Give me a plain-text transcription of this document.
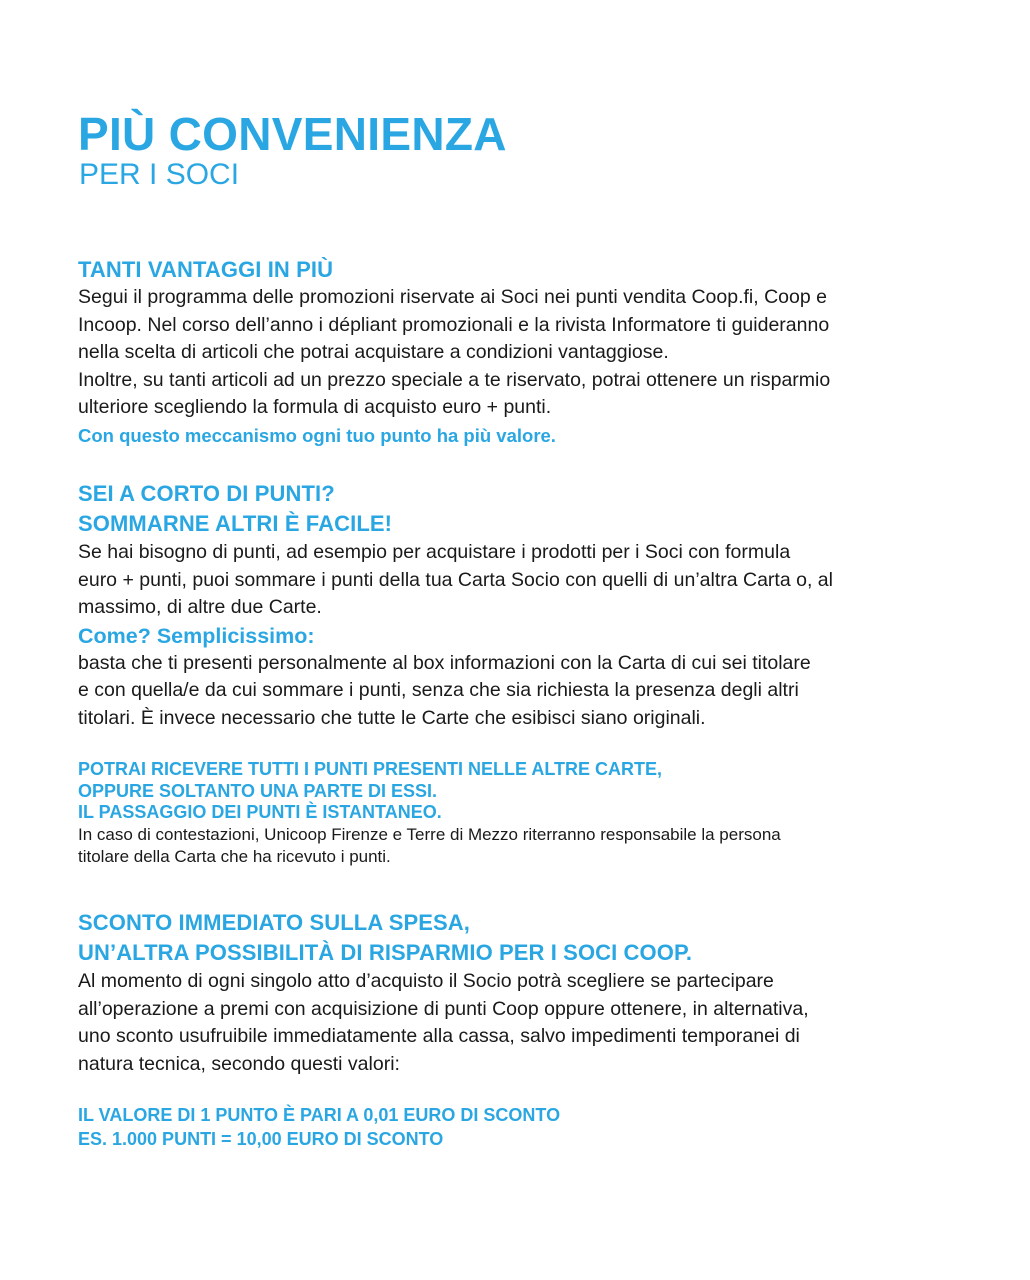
PIÙ CONVENIENZA
PER I SOCI
TANTI VANTAGGI IN PIÙ

Segui il programma delle promozioni riservate ai Soci nei punti vendita Coop.fi, Coop e
Incoop. Nel corso dell’anno i dépliant promozionali e la rivista Informatore ti guideranno
nella scelta di articoli che potrai acquistare a condizioni vantaggiose.
Inoltre, su tanti articoli ad un prezzo speciale a te riservato, potrai ottenere un risparmio
ulteriore scegliendo la formula di acquisto euro + punti.

Con questo meccanismo ogni tuo punto ha più valore.

SEI A CORTO DI PUNTI?
SOMMARNE ALTRI È FACILE!

Se hai bisogno di punti, ad esempio per acquistare i prodotti per i Soci con formula
euro + punti, puoi sommare i punti della tua Carta Socio con quelli di un’altra Carta o, al
massimo, di altre due Carte.

Come? Semplicissimo:

basta che ti presenti personalmente al box informazioni con la Carta di cui sei titolare
e con quella/e da cui sommare i punti, senza che sia richiesta la presenza degli altri
titolari. È invece necessario che tutte le Carte che esibisci siano originali.

POTRAI RICEVERE TUTTI I PUNTI PRESENTI NELLE ALTRE CARTE,
OPPURE SOLTANTO UNA PARTE DI ESSI.
IL PASSAGGIO DEI PUNTI È ISTANTANEO.

In caso di contestazioni, Unicoop Firenze e Terre di Mezzo riterranno responsabile la persona
titolare della Carta che ha ricevuto i punti.

SCONTO IMMEDIATO SULLA SPESA,
UN’ALTRA POSSIBILITÀ DI RISPARMIO PER I SOCI COOP.

Al momento di ogni singolo atto d’acquisto il Socio potrà scegliere se partecipare
all’operazione a premi con acquisizione di punti Coop oppure ottenere, in alternativa,
uno sconto usufruibile immediatamente alla cassa, salvo impedimenti temporanei di
natura tecnica, secondo questi valori:

IL VALORE DI 1 PUNTO È PARI A 0,01 EURO DI SCONTO
ES. 1.000 PUNTI = 10,00 EURO DI SCONTO
